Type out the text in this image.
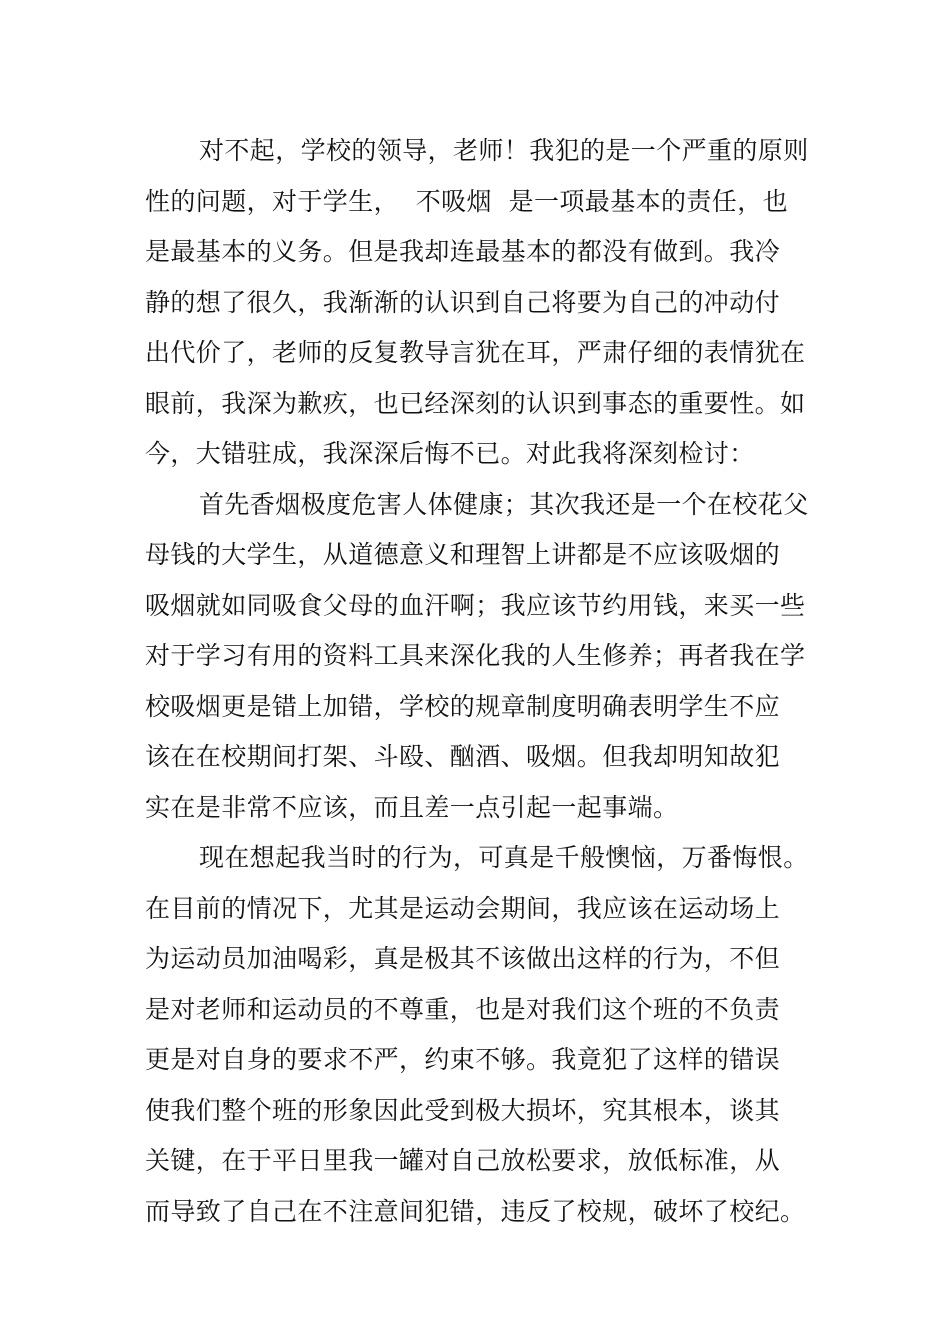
对不起，学校的领导，老师！我犯的是一个严重的原则
性的问题，对于学生，  不吸烟  是一项最基本的责任，也
是最基本的义务。但是我却连最基本的都没有做到。我冷
静的想了很久，我渐渐的认识到自己将要为自己的冲动付
出代价了，老师的反复教导言犹在耳，严肃仔细的表情犹在
眼前，我深为歉疚，也已经深刻的认识到事态的重要性。如
今，大错驻成，我深深后悔不已。对此我将深刻检讨：
首先香烟极度危害人体健康；其次我还是一个在校花父
母钱的大学生，从道德意义和理智上讲都是不应该吸烟的
吸烟就如同吸食父母的血汗啊；我应该节约用钱，来买一些
对于学习有用的资料工具来深化我的人生修养；再者我在学
校吸烟更是错上加错，学校的规章制度明确表明学生不应
该在在校期间打架、斗殴、酗酒、吸烟。但我却明知故犯
实在是非常不应该，而且差一点引起一起事端。
现在想起我当时的行为，可真是千般懊恼，万番悔恨。
在目前的情况下，尤其是运动会期间，我应该在运动场上
为运动员加油喝彩，真是极其不该做出这样的行为，不但
是对老师和运动员的不尊重，也是对我们这个班的不负责
更是对自身的要求不严，约束不够。我竟犯了这样的错误
使我们整个班的形象因此受到极大损坏，究其根本，谈其
关键，在于平日里我一罐对自己放松要求，放低标准，从
而导致了自己在不注意间犯错，违反了校规，破坏了校纪。
